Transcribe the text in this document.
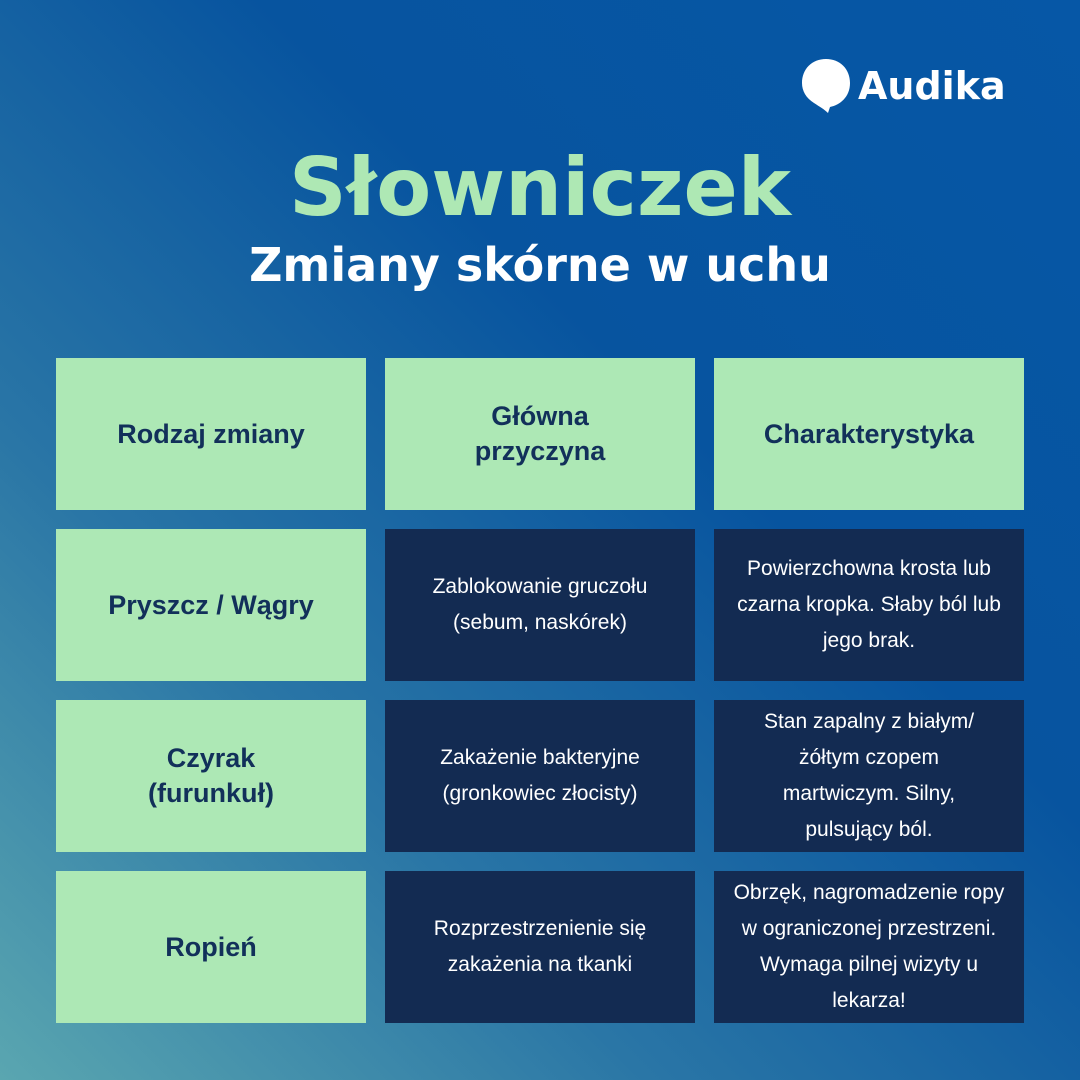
Audika
Słowniczek
Zmiany skórne w uchu
Rodzaj zmiany
Główna przyczyna
Charakterystyka
Pryszcz / Wągry
Zablokowanie gruczołu (sebum, naskórek)
Powierzchowna krosta lub czarna kropka. Słaby ból lub jego brak.
Czyrak (furunkuł)
Zakażenie bakteryjne (gronkowiec złocisty)
Stan zapalny z białym/ żółtym czopem martwiczym. Silny, pulsujący ból.
Ropień
Rozprzestrzenienie się zakażenia na tkanki
Obrzęk, nagromadzenie ropy w ograniczonej przestrzeni. Wymaga pilnej wizyty u lekarza!
